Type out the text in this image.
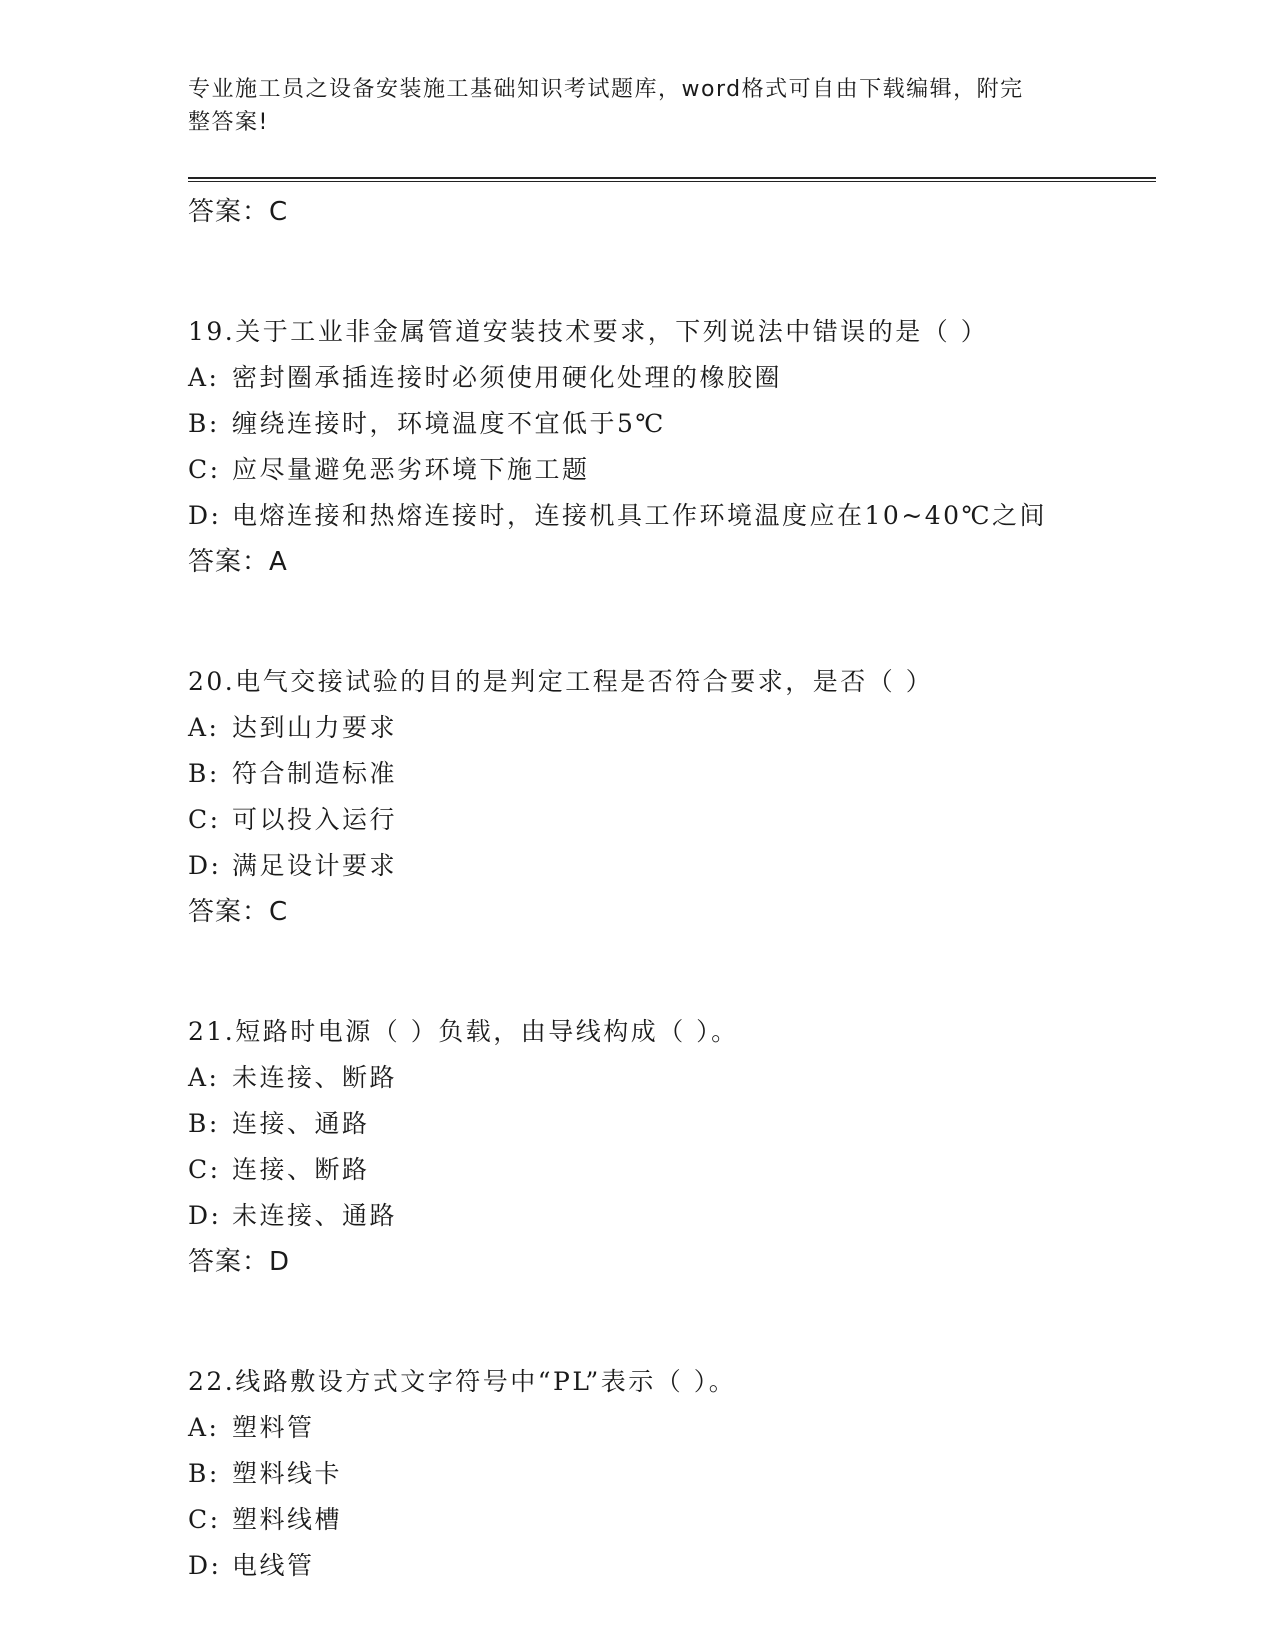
专业施工员之设备安装施工基础知识考试题库，word格式可自由下载编辑，附完
整答案!
答案：C
19.关于工业非金属管道安装技术要求，下列说法中错误的是（ ）
A: 密封圈承插连接时必须使用硬化处理的橡胶圈
B: 缠绕连接时，环境温度不宜低于5℃
C: 应尽量避免恶劣环境下施工题
D: 电熔连接和热熔连接时，连接机具工作环境温度应在10~40℃之间
答案：A
20.电气交接试验的目的是判定工程是否符合要求，是否（ ）
A: 达到山力要求
B: 符合制造标准
C: 可以投入运行
D: 满足设计要求
答案：C
21.短路时电源（ ）负载，由导线构成（ ）。
A: 未连接、断路
B: 连接、通路
C: 连接、断路
D: 未连接、通路
答案：D
22.线路敷设方式文字符号中“PL”表示（ ）。
A: 塑料管
B: 塑料线卡
C: 塑料线槽
D: 电线管
